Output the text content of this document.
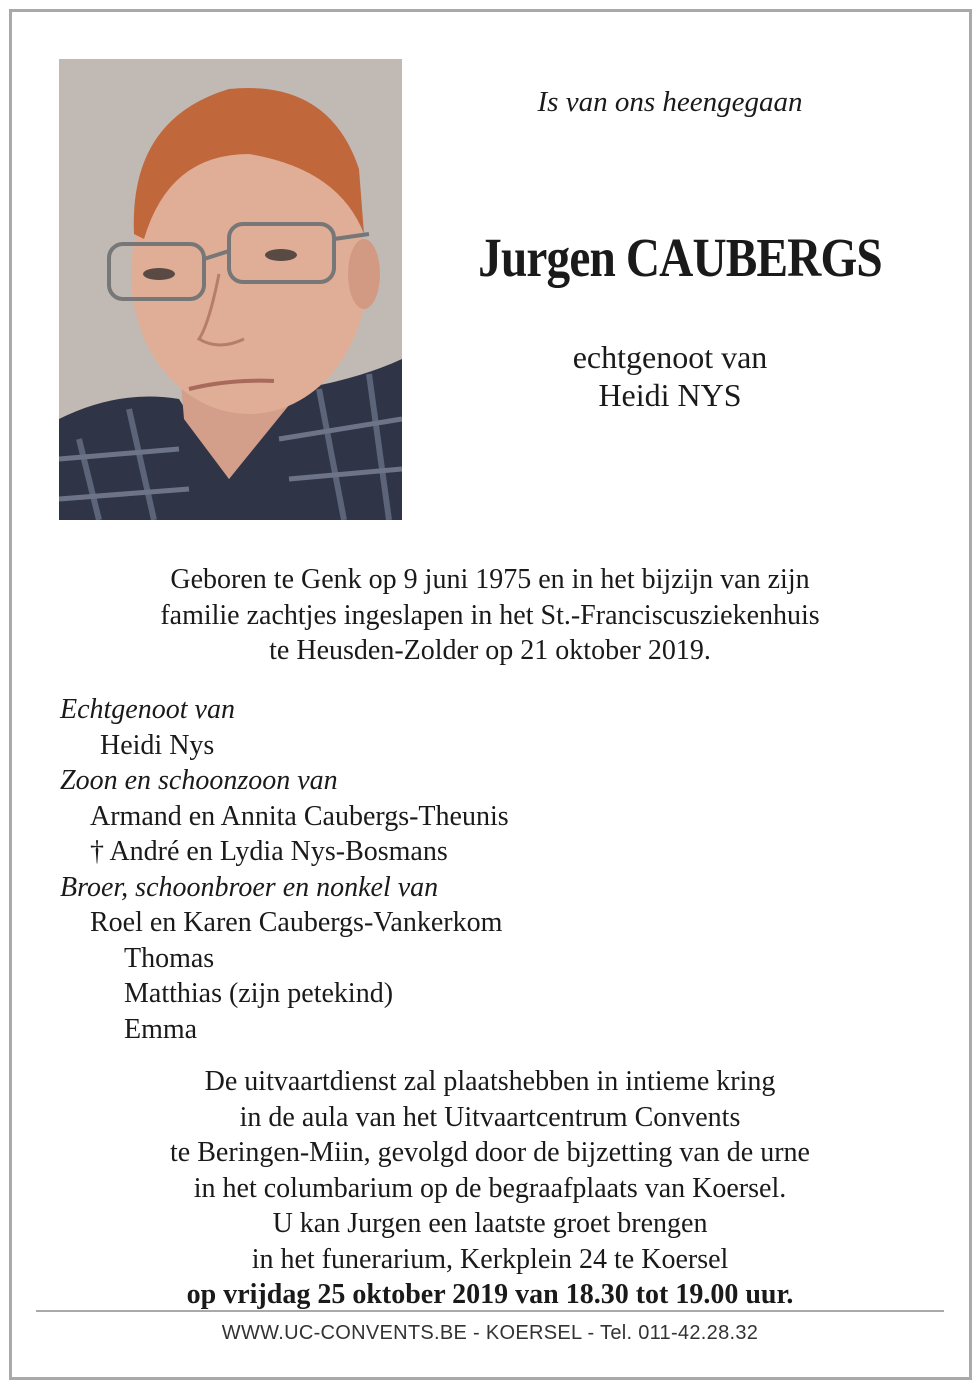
Is van ons heengegaan
Jurgen CAUBERGS
echtgenoot van
Heidi NYS
Geboren te Genk op 9 juni 1975 en in het bijzijn van zijn
familie zachtjes ingeslapen in het St.-Franciscusziekenhuis
te Heusden-Zolder op 21 oktober 2019.
Echtgenoot van
Heidi Nys
Zoon en schoonzoon van
Armand en Annita Caubergs-Theunis
† André en Lydia Nys-Bosmans
Broer, schoonbroer en nonkel van
Roel en Karen Caubergs-Vankerkom
Thomas
Matthias (zijn petekind)
Emma
De uitvaartdienst zal plaatshebben in intieme kring
in de aula van het Uitvaartcentrum Convents
te Beringen-Miin, gevolgd door de bijzetting van de urne
in het columbarium op de begraafplaats van Koersel.
U kan Jurgen een laatste groet brengen
in het funerarium, Kerkplein 24 te Koersel
op vrijdag 25 oktober 2019 van 18.30 tot 19.00 uur.
WWW.UC-CONVENTS.BE - KOERSEL - Tel. 011-42.28.32
